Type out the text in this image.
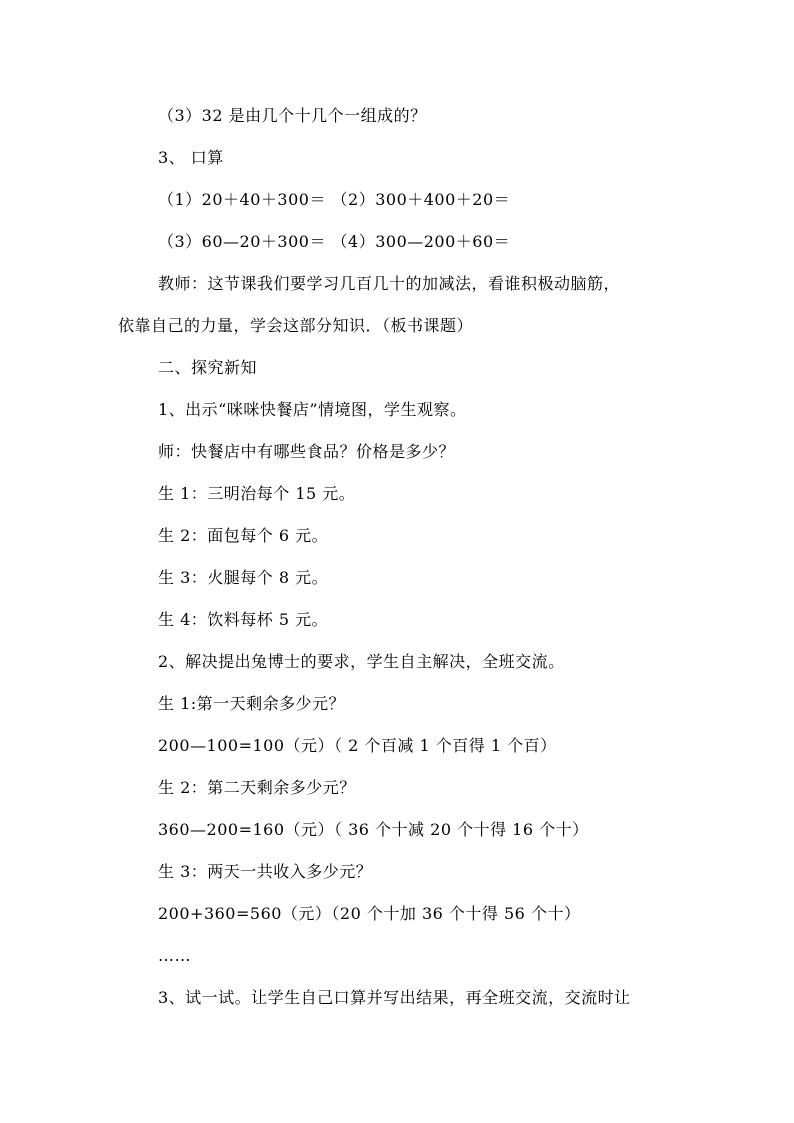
（3）32 是由几个十几个一组成的？
3、 口算
（1）20＋40＋300＝ （2）300＋400＋20＝
（3）60—20＋300＝ （4）300—200＋60＝
教师：这节课我们要学习几百几十的加减法，看谁积极动脑筋，
依靠自己的力量，学会这部分知识．（板书课题）
二、探究新知
1、出示“咪咪快餐店”情境图，学生观察。
师：快餐店中有哪些食品？价格是多少？
生 1：三明治每个 15 元。
生 2：面包每个 6 元。
生 3：火腿每个 8 元。
生 4：饮料每杯 5 元。
2、解决提出兔博士的要求，学生自主解决，全班交流。
生 1:第一天剩余多少元？
200—100=100（元）（ 2 个百减 1 个百得 1 个百）
生 2：第二天剩余多少元？
360—200=160（元）（ 36 个十减 20 个十得 16 个十）
生 3：两天一共收入多少元？
200+360=560（元）（20 个十加 36 个十得 56 个十）
……
3、试一试。让学生自己口算并写出结果，再全班交流，交流时让
